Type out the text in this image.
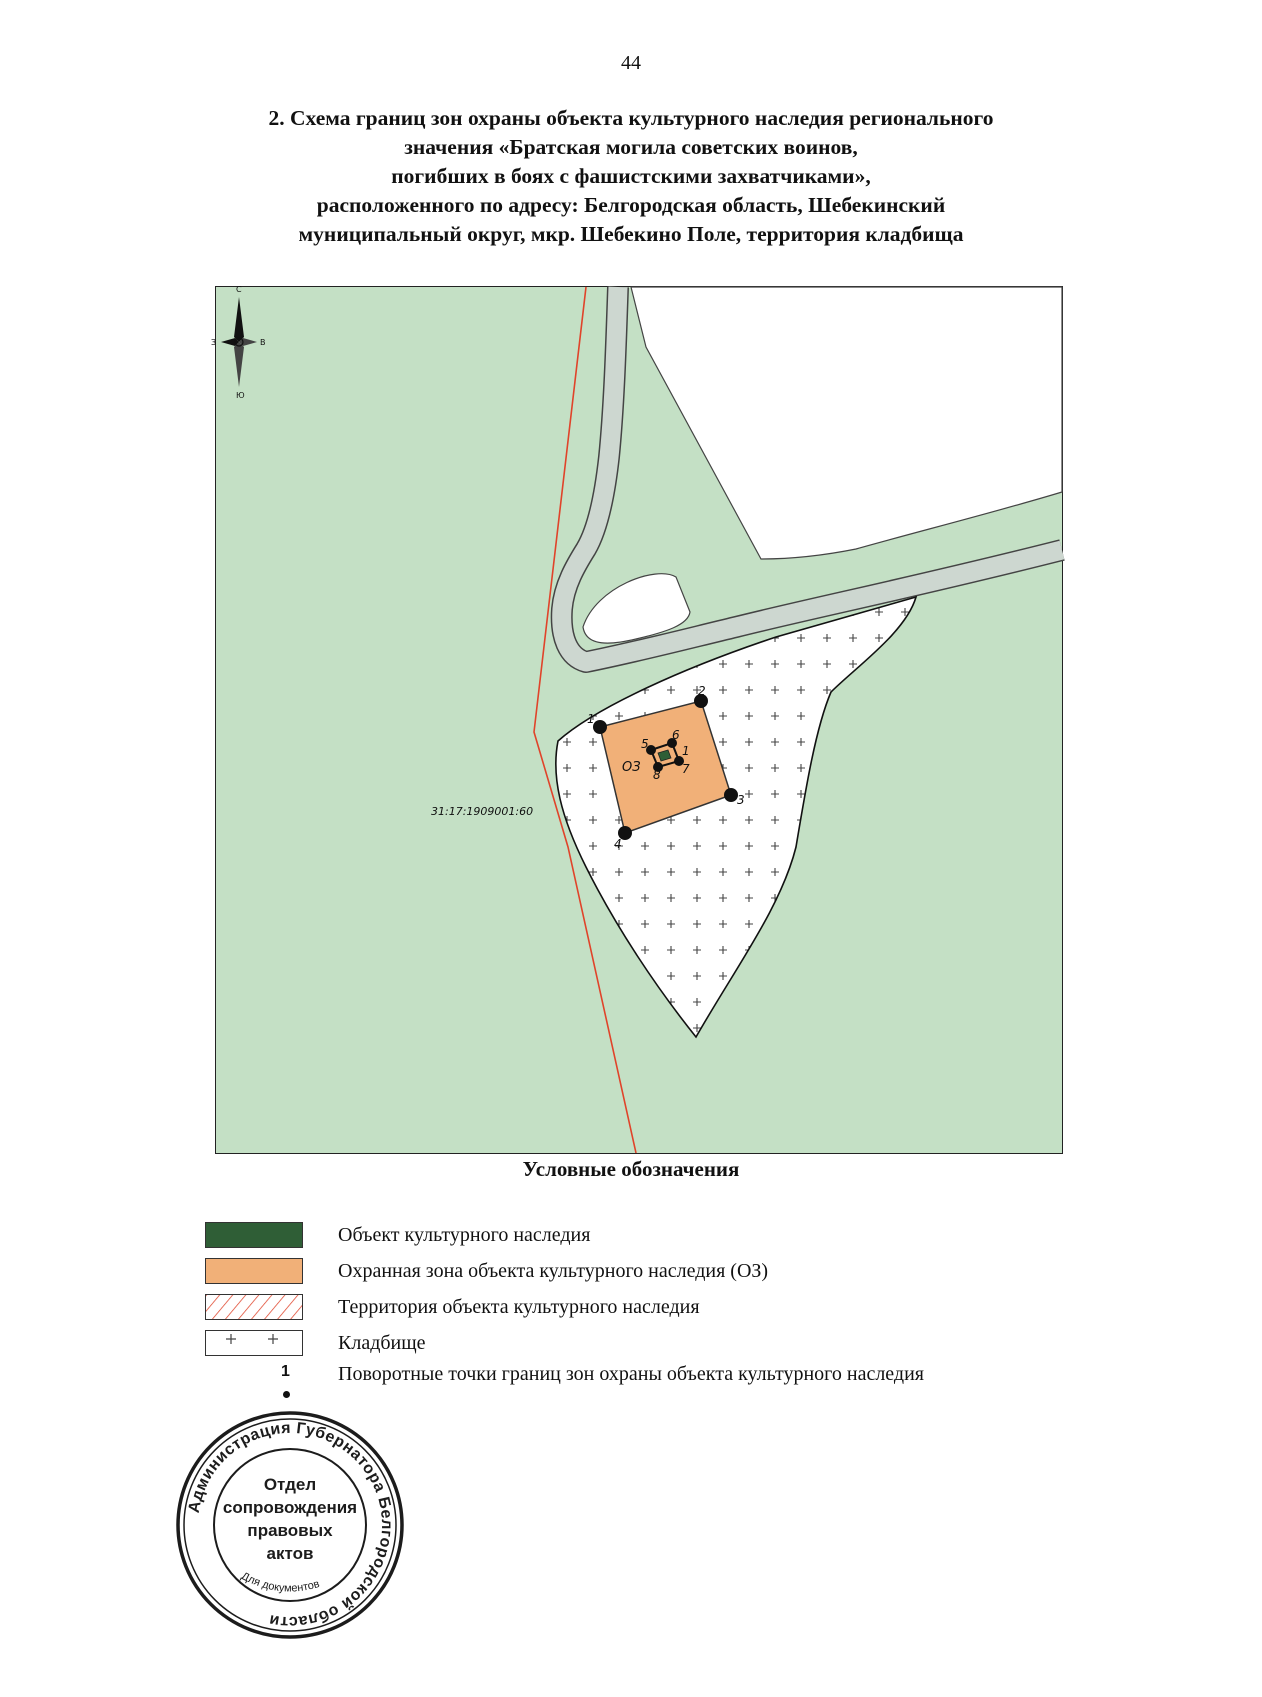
44
2. Схема границ зон охраны объекта культурного наследия регионального
значения «Братская могила советских воинов,
погибших в боях с фашистскими захватчиками»,
расположенного по адресу: Белгородская область, Шебекинский
муниципальный округ, мкр. Шебекино Поле, территория кладбища
1
2
3
4
5
6
7
8
1
ОЗ
31:17:1909001:60
С
Ю
З	В
Условные обозначения
Объект культурного наследия
Охранная зона объекта культурного наследия (ОЗ)
Территория объекта культурного наследия
Кладбище
1 Поворотные точки границ зон охраны объекта культурного наследия
Администрация Губернатора Белгородской области
Отдел
сопровождения
правовых
актов
Для документов
